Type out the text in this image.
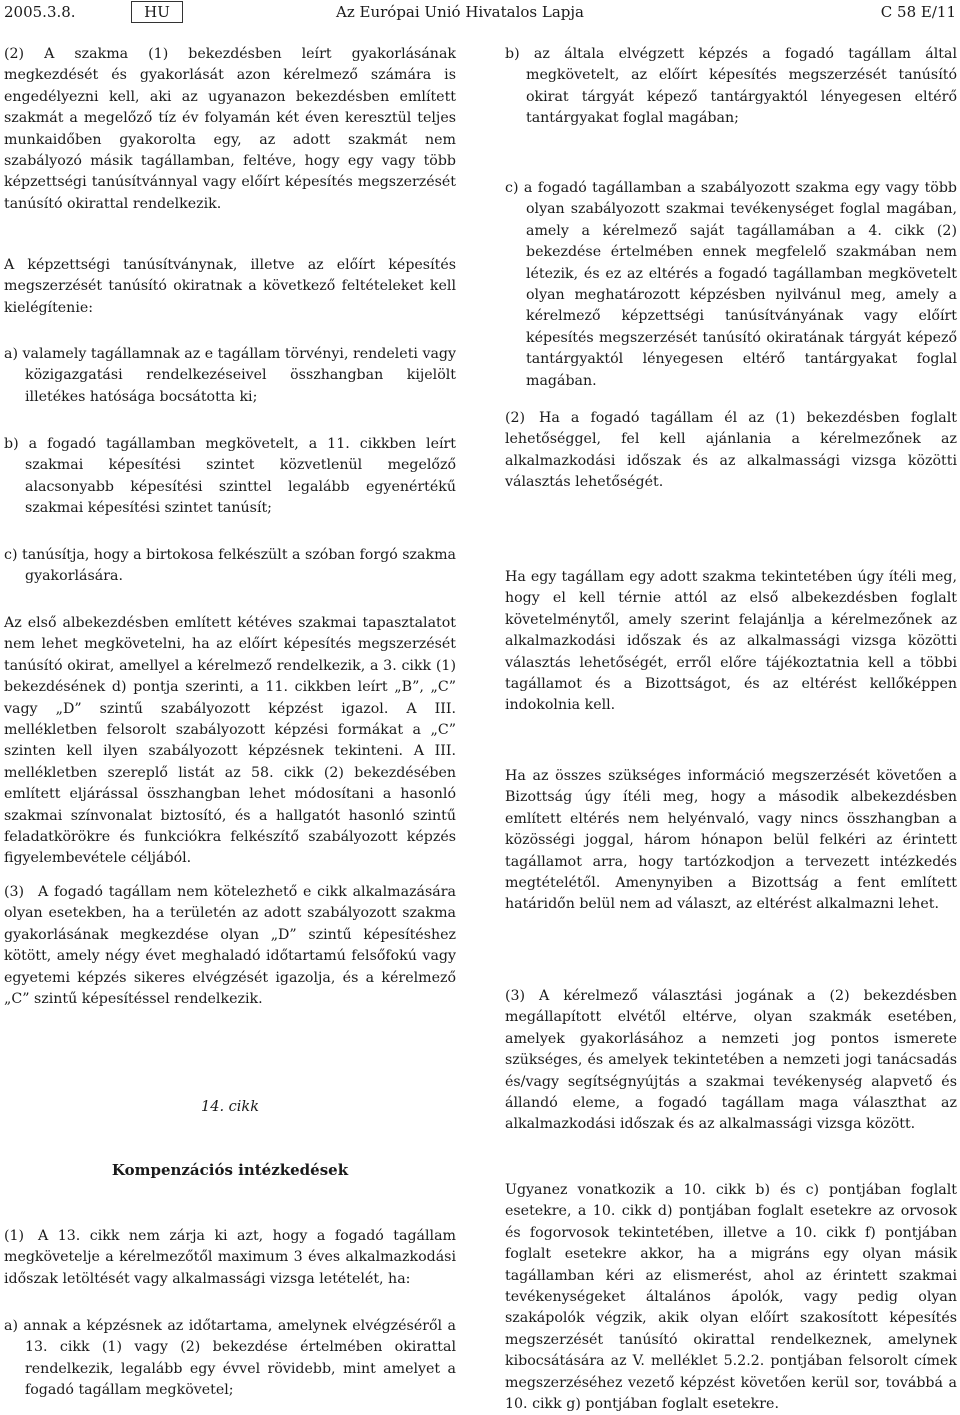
2005.3.8.	HU	Az Európai Unió Hivatalos Lapja	C 58 E/11

(2) A szakma (1) bekezdésben leírt gyakorlásának megkezdését és gyakorlását azon kérelmező számára is engedélyezni kell, aki az ugyanazon bekezdésben említett szakmát a megelőző tíz év folyamán két éven keresztül teljes munkaidőben gyakorolta egy, az adott szakmát nem szabályozó másik tagállamban, feltéve, hogy egy vagy több képzettségi tanúsítvánnyal vagy előírt képesítés megszerzését tanúsító okirattal rendelkezik.

A képzettségi tanúsítványnak, illetve az előírt képesítés megszerzését tanúsító okiratnak a következő feltételeket kell kielégítenie:

a) valamely tagállamnak az e tagállam törvényi, rendeleti vagy közigazgatási rendelkezéseivel összhangban kijelölt illetékes hatósága bocsátotta ki;

b) a fogadó tagállamban megkövetelt, a 11. cikkben leírt szakmai képesítési szintet közvetlenül megelőző alacsonyabb képesítési szinttel legalább egyenértékű szakmai képesítési szintet tanúsít;

c) tanúsítja, hogy a birtokosa felkészült a szóban forgó szakma gyakorlására.

Az első albekezdésben említett kétéves szakmai tapasztalatot nem lehet megkövetelni, ha az előírt képesítés megszerzését tanúsító okirat, amellyel a kérelmező rendelkezik, a 3. cikk (1) bekezdésének d) pontja szerinti, a 11. cikkben leírt „B”, „C” vagy „D” szintű szabályozott képzést igazol. A III. mellékletben felsorolt szabályozott képzési formákat a „C” szinten kell ilyen szabályozott képzésnek tekinteni. A III. mellékletben szereplő listát az 58. cikk (2) bekezdésében említett eljárással összhangban lehet módosítani a hasonló szakmai színvonalat biztosító, és a hallgatót hasonló szintű feladatkörökre és funkciókra felkészítő szabályozott képzés figyelembevétele céljából.

(3) A fogadó tagállam nem kötelezhető e cikk alkalmazására olyan esetekben, ha a területén az adott szabályozott szakma gyakorlásának megkezdése olyan „D” szintű képesítéshez kötött, amely négy évet meghaladó időtartamú felsőfokú vagy egyetemi képzés sikeres elvégzését igazolja, és a kérelmező „C” szintű képesítéssel rendelkezik.

14. cikk

Kompenzációs intézkedések

(1) A 13. cikk nem zárja ki azt, hogy a fogadó tagállam megkövetelje a kérelmezőtől maximum 3 éves alkalmazkodási időszak letöltését vagy alkalmassági vizsga letételét, ha:

a) annak a képzésnek az időtartama, amelynek elvégzéséről a 13. cikk (1) vagy (2) bekezdése értelmében okirattal rendelkezik, legalább egy évvel rövidebb, mint amelyet a fogadó tagállam megkövetel;

b) az általa elvégzett képzés a fogadó tagállam által megkövetelt, az előírt képesítés megszerzését tanúsító okirat tárgyát képező tantárgyaktól lényegesen eltérő tantárgyakat foglal magában;

c) a fogadó tagállamban a szabályozott szakma egy vagy több olyan szabályozott szakmai tevékenységet foglal magában, amely a kérelmező saját tagállamában a 4. cikk (2) bekezdése értelmében ennek megfelelő szakmában nem létezik, és ez az eltérés a fogadó tagállamban megkövetelt olyan meghatározott képzésben nyilvánul meg, amely a kérelmező képzettségi tanúsítványának vagy előírt képesítés megszerzését tanúsító okiratának tárgyát képező tantárgyaktól lényegesen eltérő tantárgyakat foglal magában.

(2) Ha a fogadó tagállam él az (1) bekezdésben foglalt lehetőséggel, fel kell ajánlania a kérelmezőnek az alkalmazkodási időszak és az alkalmassági vizsga közötti választás lehetőségét.

Ha egy tagállam egy adott szakma tekintetében úgy ítéli meg, hogy el kell térnie attól az első albekezdésben foglalt követelménytől, amely szerint felajánlja a kérelmezőnek az alkalmazkodási időszak és az alkalmassági vizsga közötti választás lehetőségét, erről előre tájékoztatnia kell a többi tagállamot és a Bizottságot, és az eltérést kellőképpen indokolnia kell.

Ha az összes szükséges információ megszerzését követően a Bizottság úgy ítéli meg, hogy a második albekezdésben említett eltérés nem helyénvaló, vagy nincs összhangban a közösségi joggal, három hónapon belül felkéri az érintett tagállamot arra, hogy tartózkodjon a tervezett intézkedés megtételétől. Amenynyiben a Bizottság a fent említett határidőn belül nem ad választ, az eltérést alkalmazni lehet.

(3) A kérelmező választási jogának a (2) bekezdésben megállapított elvétől eltérve, olyan szakmák esetében, amelyek gyakorlásához a nemzeti jog pontos ismerete szükséges, és amelyek tekintetében a nemzeti jogi tanácsadás és/vagy segítségnyújtás a szakmai tevékenység alapvető és állandó eleme, a fogadó tagállam maga választhat az alkalmazkodási időszak és az alkalmassági vizsga között.

Ugyanez vonatkozik a 10. cikk b) és c) pontjában foglalt esetekre, a 10. cikk d) pontjában foglalt esetekre az orvosok és fogorvosok tekintetében, illetve a 10. cikk f) pontjában foglalt esetekre akkor, ha a migráns egy olyan másik tagállamban kéri az elismerést, ahol az érintett szakmai tevékenységeket általános ápolók, vagy pedig olyan szakápolók végzik, akik olyan előírt szakosított képesítés megszerzését tanúsító okirattal rendelkeznek, amelynek kibocsátására az V. melléklet 5.2.2. pontjában felsorolt címek megszerzéséhez vezető képzést követően kerül sor, továbbá a 10. cikk g) pontjában foglalt esetekre.
